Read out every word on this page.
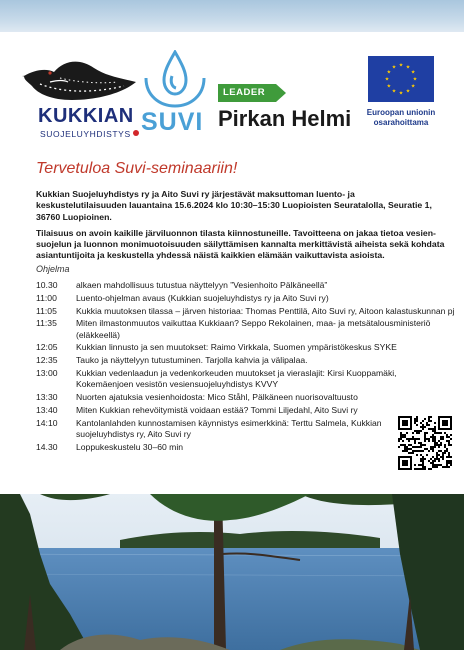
KUKKIAN
SUOJELUYHDISTYS SUVI
LEADER
Pirkan Helmi
★ ★
★
★
★
★
★
★
★
★
★
★
Euroopan unionin
osarahoittama
Tervetuloa Suvi-seminaariin!

Kukkian Suojeluyhdistys ry ja Aito Suvi ry järjestävät maksuttoman luento- ja keskustelutilaisuuden lauantaina 15.6.2024 klo 10:30–15:30 Luopioisten Seuratalolla, Seuratie 1, 36760 Luopioinen.

Tilaisuus on avoin kaikille järviluonnon tilasta kiinnostuneille. Tavoitteena on jakaa tietoa vesien-suojelun ja luonnon monimuotoisuuden säilyttämisen kannalta merkittävistä aiheista sekä kohdata asiantuntijoita ja keskustella yhdessä näistä kaikkien elämään vaikuttavista asioista.

Ohjelma
10.30	alkaen mahdollisuus tutustua näyttelyyn ”Vesienhoito Pälkäneellä”
11:00	Luento-ohjelman avaus (Kukkian suojeluyhdistys ry ja Aito Suvi ry)
11:05	Kukkia muutoksen tilassa – järven historiaa: Thomas Penttilä, Aito Suvi ry, Aitoon kalastuskunnan pj
11:35	Miten ilmastonmuutos vaikuttaa Kukkiaan? Seppo Rekolainen, maa- ja metsätalousministeriö (eläkkeellä)
12:05	Kukkian linnusto ja sen muutokset: Raimo Virkkala, Suomen ympäristökeskus SYKE
12:35	Tauko ja näyttelyyn tutustuminen. Tarjolla kahvia ja välipalaa.
13:00	Kukkian vedenlaadun ja vedenkorkeuden muutokset ja vieraslajit: Kirsi Kuoppamäki, Kokemäenjoen vesistön vesiensuojeluyhdistys KVVY
13:30	Nuorten ajatuksia vesienhoidosta: Mico Ståhl, Pälkäneen nuorisovaltuusto
13:40	Miten Kukkian rehevöitymistä voidaan estää? Tommi Liljedahl, Aito Suvi ry
14:10	Kantolanlahden kunnostamisen käynnistys esimerkkinä: Terttu Salmela, Kukkian suojeluyhdistys ry, Aito Suvi ry
14.30	Loppukeskustelu 30–60 min
